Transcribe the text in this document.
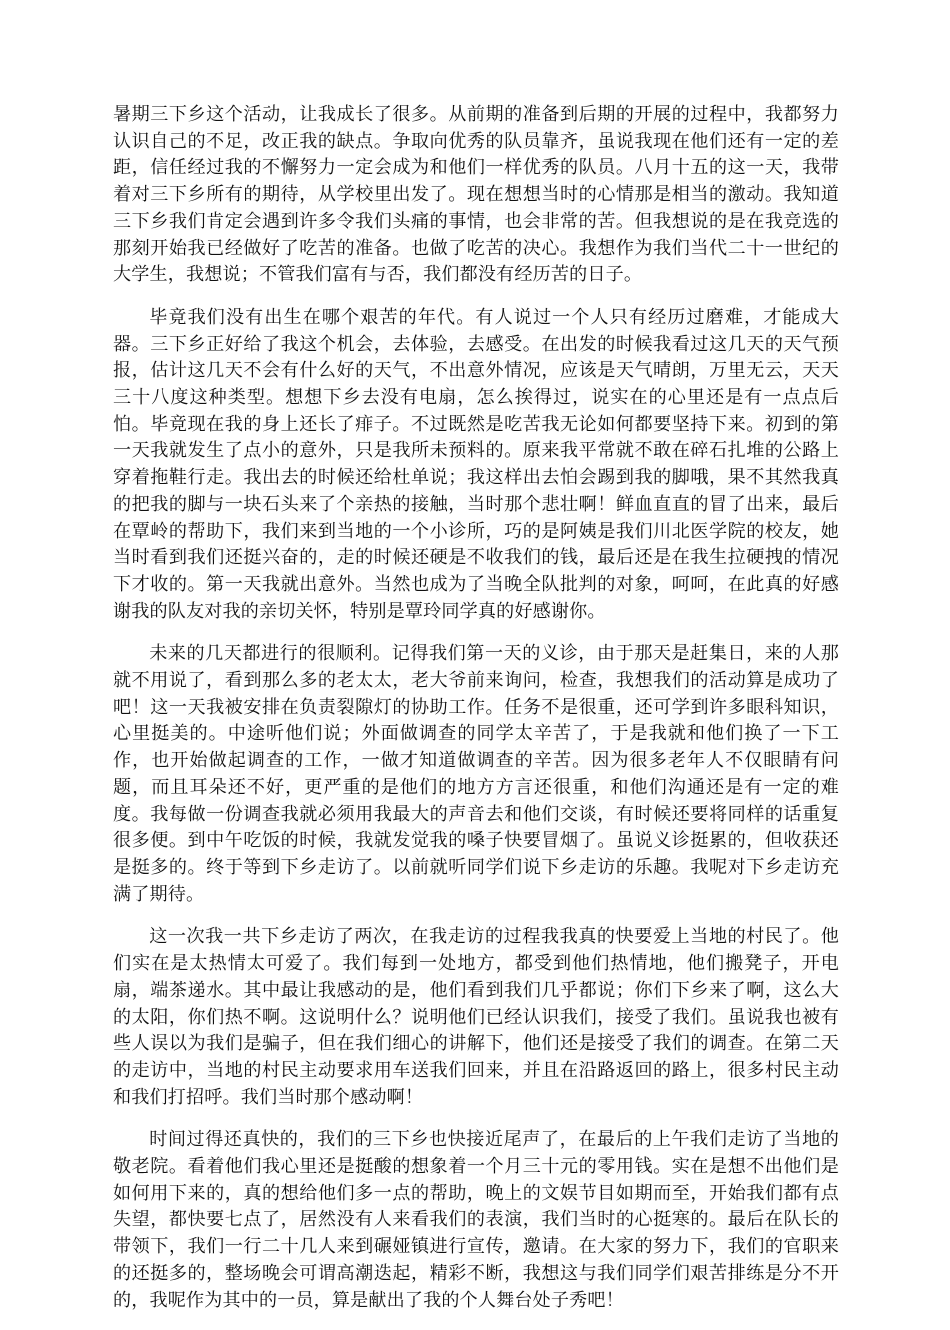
暑期三下乡这个活动，让我成长了很多。从前期的准备到后期的开展的过程中，我都努力认识自己的不足，改正我的缺点。争取向优秀的队员靠齐，虽说我现在他们还有一定的差距，信任经过我的不懈努力一定会成为和他们一样优秀的队员。八月十五的这一天，我带着对三下乡所有的期待，从学校里出发了。现在想想当时的心情那是相当的激动。我知道三下乡我们肯定会遇到许多令我们头痛的事情，也会非常的苦。但我想说的是在我竞选的那刻开始我已经做好了吃苦的准备。也做了吃苦的决心。我想作为我们当代二十一世纪的大学生，我想说；不管我们富有与否，我们都没有经历苦的日子。

毕竟我们没有出生在哪个艰苦的年代。有人说过一个人只有经历过磨难，才能成大器。三下乡正好给了我这个机会，去体验，去感受。在出发的时候我看过这几天的天气预报，估计这几天不会有什么好的天气，不出意外情况，应该是天气晴朗，万里无云，天天三十八度这种类型。想想下乡去没有电扇，怎么挨得过，说实在的心里还是有一点点后怕。毕竟现在我的身上还长了痱子。不过既然是吃苦我无论如何都要坚持下来。初到的第一天我就发生了点小的意外，只是我所未预料的。原来我平常就不敢在碎石扎堆的公路上穿着拖鞋行走。我出去的时候还给杜单说；我这样出去怕会踢到我的脚哦，果不其然我真的把我的脚与一块石头来了个亲热的接触，当时那个悲壮啊！鲜血直直的冒了出来，最后在覃岭的帮助下，我们来到当地的一个小诊所，巧的是阿姨是我们川北医学院的校友，她当时看到我们还挺兴奋的，走的时候还硬是不收我们的钱，最后还是在我生拉硬拽的情况下才收的。第一天我就出意外。当然也成为了当晚全队批判的对象，呵呵，在此真的好感谢我的队友对我的亲切关怀，特别是覃玲同学真的好感谢你。

未来的几天都进行的很顺利。记得我们第一天的义诊，由于那天是赶集日，来的人那就不用说了，看到那么多的老太太，老大爷前来询问，检查，我想我们的活动算是成功了吧！这一天我被安排在负责裂隙灯的协助工作。任务不是很重，还可学到许多眼科知识，心里挺美的。中途听他们说；外面做调查的同学太辛苦了，于是我就和他们换了一下工作，也开始做起调查的工作，一做才知道做调查的辛苦。因为很多老年人不仅眼睛有问题，而且耳朵还不好，更严重的是他们的地方方言还很重，和他们沟通还是有一定的难度。我每做一份调查我就必须用我最大的声音去和他们交谈，有时候还要将同样的话重复很多便。到中午吃饭的时候，我就发觉我的嗓子快要冒烟了。虽说义诊挺累的，但收获还是挺多的。终于等到下乡走访了。以前就听同学们说下乡走访的乐趣。我呢对下乡走访充满了期待。

这一次我一共下乡走访了两次，在我走访的过程我我真的快要爱上当地的村民了。他们实在是太热情太可爱了。我们每到一处地方，都受到他们热情地，他们搬凳子，开电扇，端茶递水。其中最让我感动的是，他们看到我们几乎都说；你们下乡来了啊，这么大的太阳，你们热不啊。这说明什么？说明他们已经认识我们，接受了我们。虽说我也被有些人误以为我们是骗子，但在我们细心的讲解下，他们还是接受了我们的调查。在第二天的走访中，当地的村民主动要求用车送我们回来，并且在沿路返回的路上，很多村民主动和我们打招呼。我们当时那个感动啊！

时间过得还真快的，我们的三下乡也快接近尾声了，在最后的上午我们走访了当地的敬老院。看着他们我心里还是挺酸的想象着一个月三十元的零用钱。实在是想不出他们是如何用下来的，真的想给他们多一点的帮助，晚上的文娱节目如期而至，开始我们都有点失望，都快要七点了，居然没有人来看我们的表演，我们当时的心挺寒的。最后在队长的带领下，我们一行二十几人来到碾娅镇进行宣传，邀请。在大家的努力下，我们的官职来的还挺多的，整场晚会可谓高潮迭起，精彩不断，我想这与我们同学们艰苦排练是分不开的，我呢作为其中的一员，算是献出了我的个人舞台处子秀吧！
